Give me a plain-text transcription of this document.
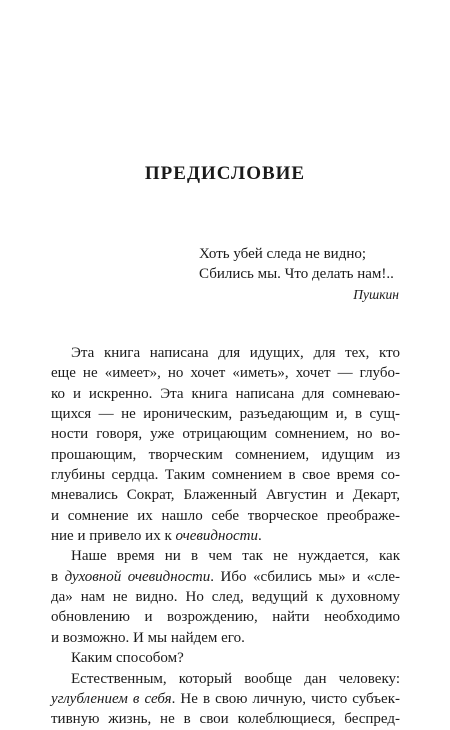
ПРЕДИСЛОВИЕ
Хоть убей следа не видно;
Сбились мы. Что делать нам!..
Пушкин
Эта книга написана для идущих, для тех, кто
еще не «имеет», но хочет «иметь», хочет — глубо-
ко и искренно. Эта книга написана для сомневаю-
щихся — не ироническим, разъедающим и, в сущ-
ности говоря, уже отрицающим сомнением, но во-
прошающим, творческим сомнением, идущим из
глубины сердца. Таким сомнением в свое время со-
мневались Сократ, Блаженный Августин и Декарт,
и сомнение их нашло себе творческое преображе-
ние и привело их к очевидности.
Наше время ни в чем так не нуждается, как
в духовной очевидности. Ибо «сбились мы» и «сле-
да» нам не видно. Но след, ведущий к духовному
обновлению и возрождению, найти необходимо
и возможно. И мы найдем его.
Каким способом?
Естественным, который вообще дан человеку:
углублением в себя. Не в свою личную, чисто субъек-
тивную жизнь, не в свои колеблющиеся, беспред-
